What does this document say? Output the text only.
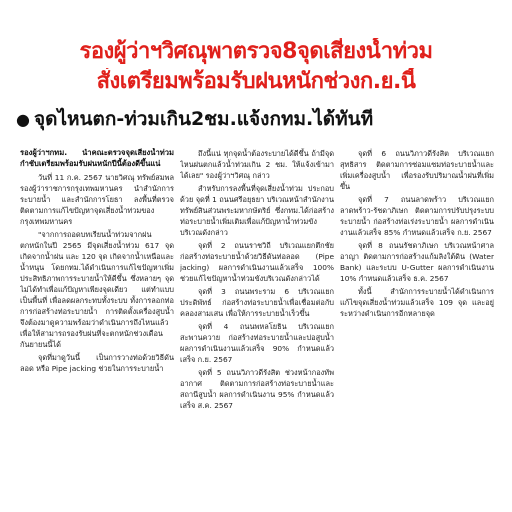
รองผู้ว่าฯวิศณุพาตรวจ8จุดเสี่ยงน้ำท่วม
สั่งเตรียมพร้อมรับฝนหนักช่วงก.ย.นี้
● จุดไหนตก-ท่วมเกิน2ชม.แจ้งกทม.ได้ทันที
รองผู้ว่าฯกทม. นำคณะตรวจจุดเสี่ยงน้ำท่วม กำชับเตรียมพร้อมรับฝนหนักปีนี้ต้องดีขึ้นแน่

วันที่ 11 ก.ค. 2567 นายวิศณุ ทรัพย์สมพล รองผู้ว่าราชการกรุงเทพมหานคร นำสำนักการระบายน้ำ และสำนักการโยธา ลงพื้นที่ตรวจติดตามการแก้ไขปัญหาจุดเสี่ยงน้ำท่วมของกรุงเทพมหานคร

"จากการถอดบทเรียนน้ำท่วมจากฝนตกหนักในปี 2565 มีจุดเสี่ยงน้ำท่วม 617 จุด เกิดจากน้ำฝน และ 120 จุด เกิดจากน้ำเหนือและน้ำหนุน โดยกทม.ได้ดำเนินการแก้ไขปัญหาเพิ่มประสิทธิภาพการระบายน้ำให้ดีขึ้น ซึ่งหลายๆ จุดไม่ได้ทำเพื่อแก้ปัญหาเพียงจุดเดียว แต่ทำแบบเป็นพื้นที่ เพื่อลดผลกระทบทั้งระบบ ทั้งการลอกท่อ การก่อสร้างท่อระบายน้ำ การติดตั้งเครื่องสูบน้ำ จึงต้องมาดูความพร้อมว่าดำเนินการถึงไหนแล้ว เพื่อให้สามารถรองรับฝนที่จะตกหนักช่วงเดือนกันยายนนี้ได้

จุดที่มาดูวันนี้ เป็นการวางท่อด้วยวิธีดันลอด หรือ Pipe jacking ช่วยในการระบายน้ำ

ถึงนี้แน่ ทุกจุดน้ำต้องระบายได้ดีขึ้น ถ้ามีจุดไหนฝนตกแล้วน้ำท่วมเกิน 2 ชม. ให้แจ้งเข้ามาได้เลย" รองผู้ว่าฯวิศณุ กล่าว

สำหรับการลงพื้นที่จุดเสี่ยงน้ำท่วม ประกอบด้วย จุดที่ 1 ถนนศรีอยุธยา บริเวณหน้าสำนักงานทรัพย์สินส่วนพระมหากษัตริย์ ซึ่งกทม.ได้ก่อสร้างท่อระบายน้ำเพิ่มเติมเพื่อแก้ปัญหาน้ำท่วมขังบริเวณดังกล่าว

จุดที่ 2 ถนนราชวิถี บริเวณแยกตึกชัย ก่อสร้างท่อระบายน้ำด้วยวิธีดันท่อลอด (Pipe jacking) ผลการดำเนินงานแล้วเสร็จ 100% ช่วยแก้ไขปัญหาน้ำท่วมขังบริเวณดังกล่าวได้

จุดที่ 3 ถนนพระราม 6 บริเวณแยกประดิพัทธ์ ก่อสร้างท่อระบายน้ำเพื่อเชื่อมต่อกับคลองสามเสน เพื่อให้การระบายน้ำเร็วขึ้น

จุดที่ 4 ถนนพหลโยธิน บริเวณแยกสะพานควาย ก่อสร้างท่อระบายน้ำและบ่อสูบน้ำ ผลการดำเนินงานแล้วเสร็จ 90% กำหนดแล้วเสร็จ ก.ย. 2567

จุดที่ 5 ถนนวิภาวดีรังสิต ช่วงหน้ากองทัพอากาศ ติดตามการก่อสร้างท่อระบายน้ำและสถานีสูบน้ำ ผลการดำเนินงาน 95% กำหนดแล้วเสร็จ ส.ค. 2567

จุดที่ 6 ถนนวิภาวดีรังสิต บริเวณแยกสุทธิสาร ติดตามการซ่อมแซมท่อระบายน้ำและเพิ่มเครื่องสูบน้ำ เพื่อรองรับปริมาณน้ำฝนที่เพิ่มขึ้น

จุดที่ 7 ถนนลาดพร้าว บริเวณแยกลาดพร้าว-รัชดาภิเษก ติดตามการปรับปรุงระบบระบายน้ำ ก่อสร้างท่อเร่งระบายน้ำ ผลการดำเนินงานแล้วเสร็จ 85% กำหนดแล้วเสร็จ ก.ย. 2567

จุดที่ 8 ถนนรัชดาภิเษก บริเวณหน้าศาลอาญา ติดตามการก่อสร้างแก้มลิงใต้ดิน (Water Bank) และระบบ U-Gutter ผลการดำเนินงาน 10% กำหนดแล้วเสร็จ ธ.ค. 2567

ทั้งนี้ สำนักการระบายน้ำได้ดำเนินการแก้ไขจุดเสี่ยงน้ำท่วมแล้วเสร็จ 109 จุด และอยู่ระหว่างดำเนินการอีกหลายจุด
